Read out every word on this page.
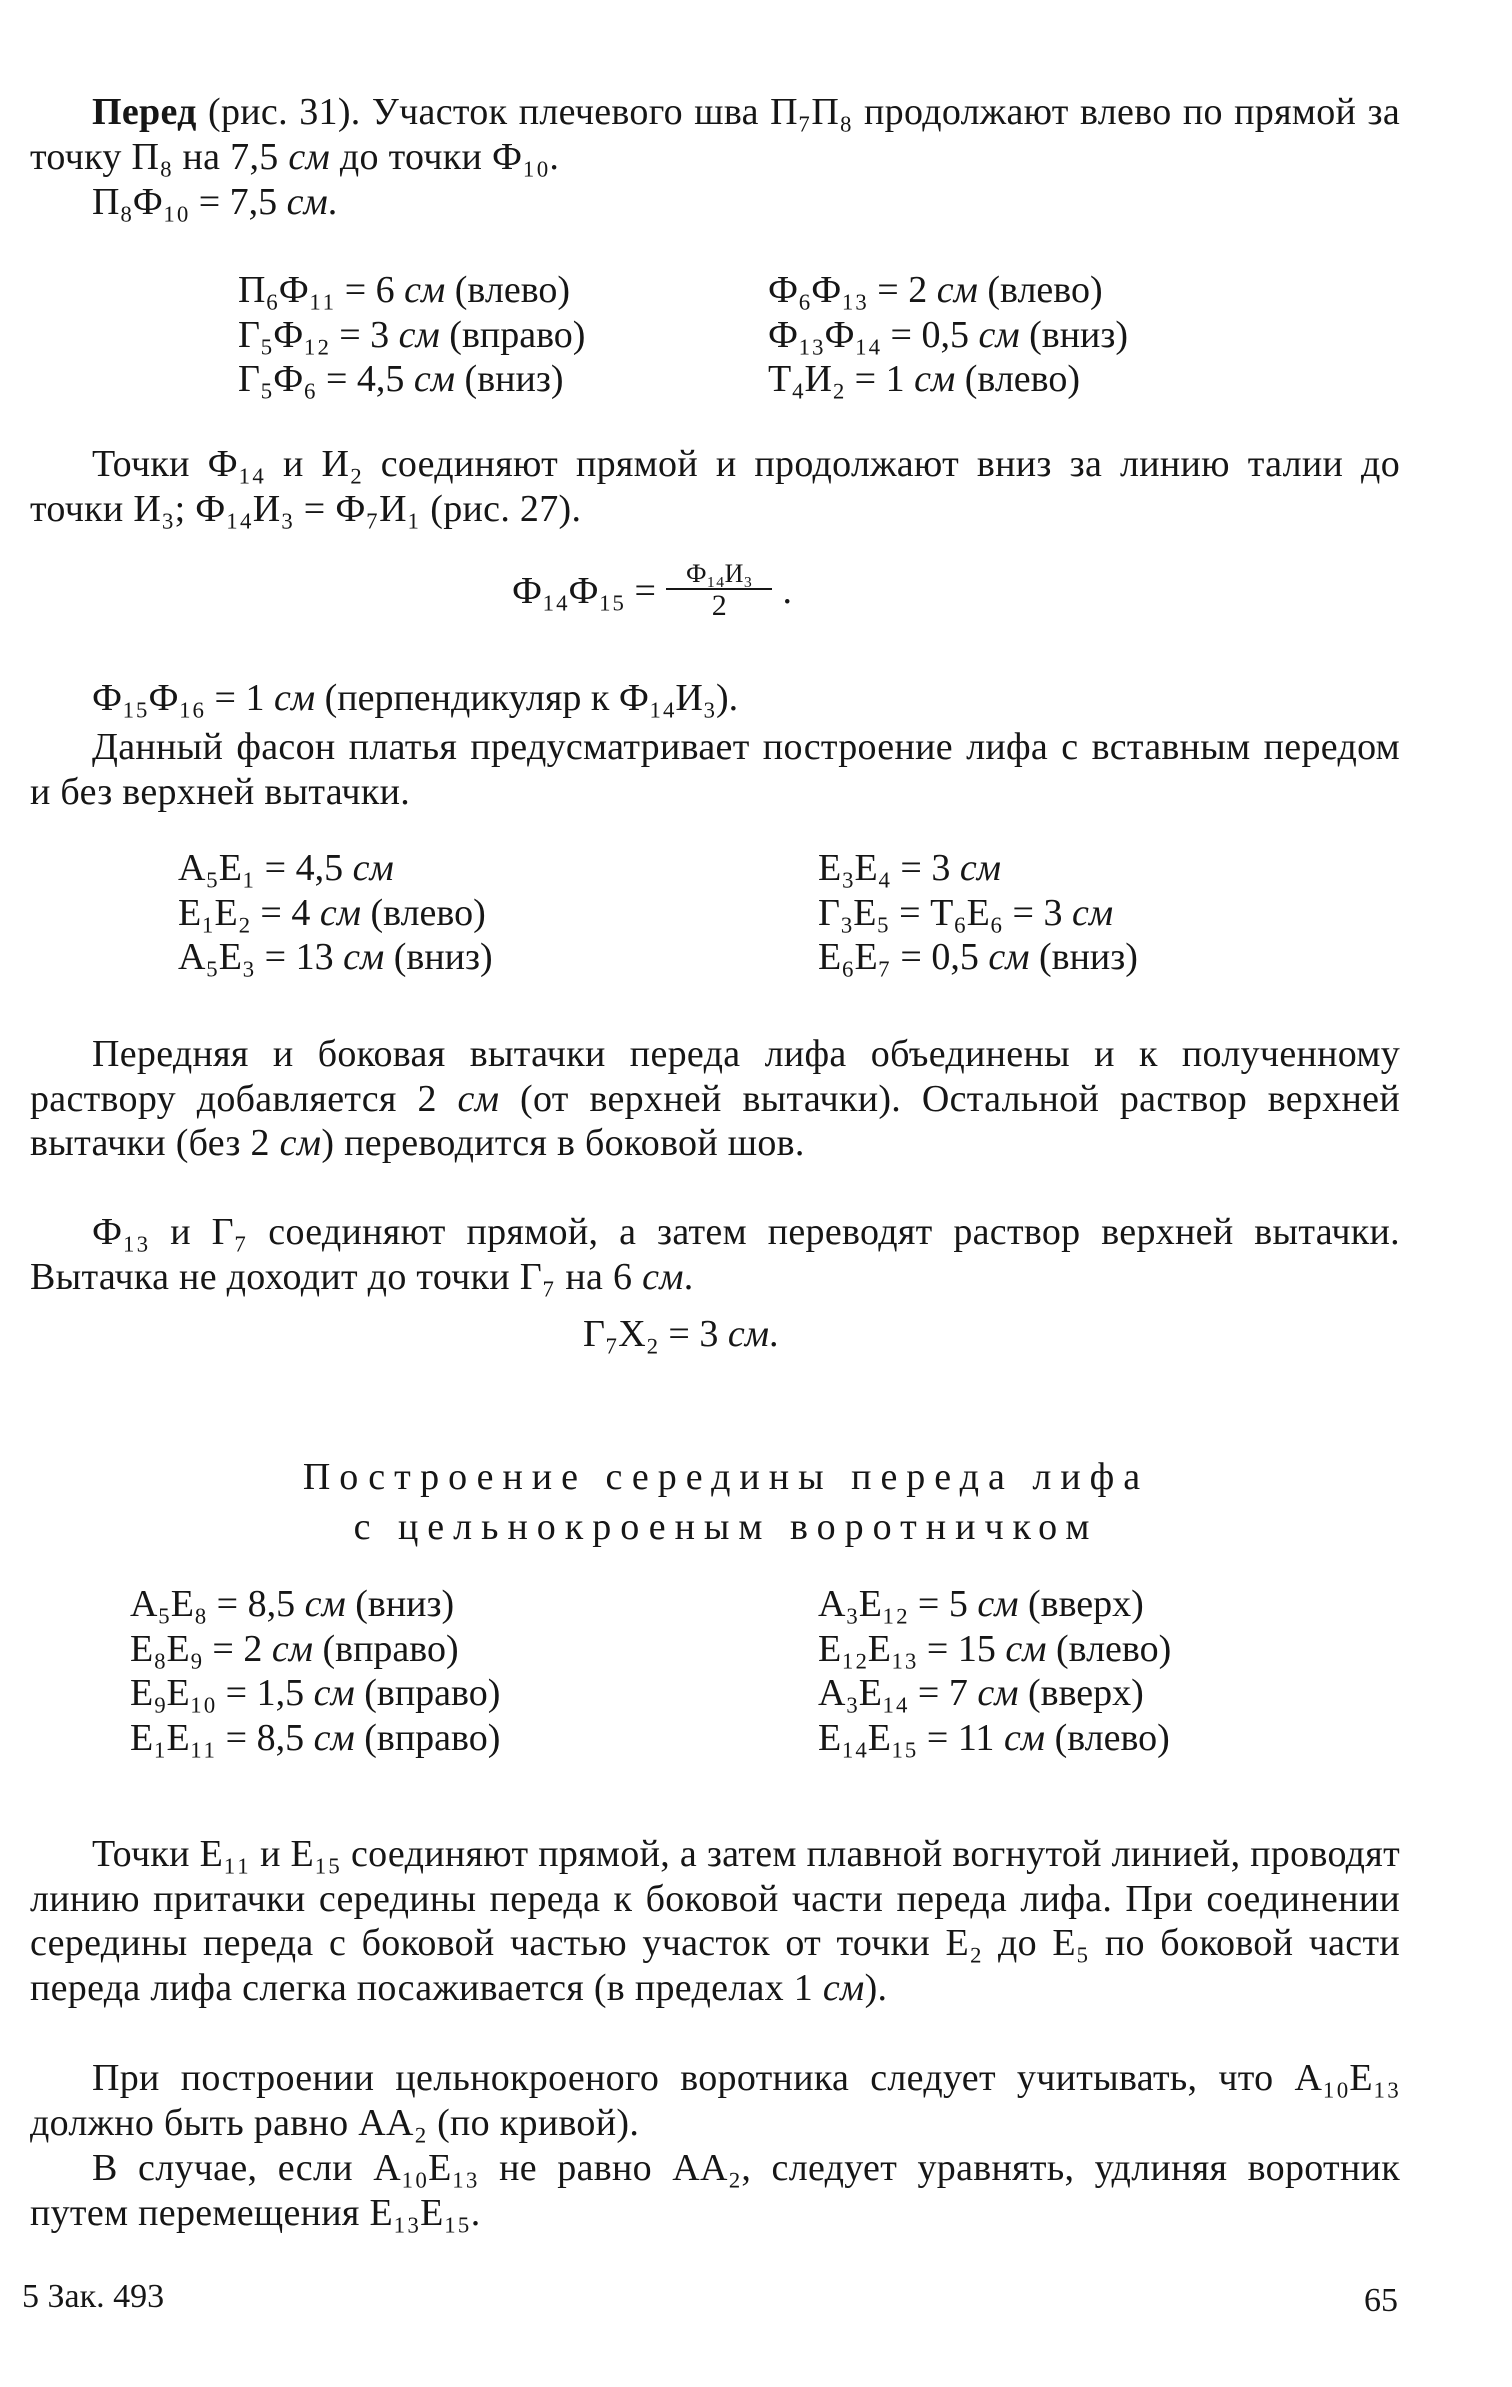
Перед (рис. 31). Участок плечевого шва П₇П₈ продолжают влево по прямой за точку П₈ на 7,5 см до точки Ф₁₀.

П₈Ф₁₀ = 7,5 см.
П₆Ф₁₁ = 6 см (влево)
Г₅Ф₁₂ = 3 см (вправо)
Г₅Ф₆ = 4,5 см (вниз)
Ф₆Ф₁₃ = 2 см (влево)
Ф₁₃Ф₁₄ = 0,5 см (вниз)
Т₄И₂ = 1 см (влево)

Точки Ф₁₄ и И₂ соединяют прямой и продолжают вниз за линию талии до точки И₃; Ф₁₄И₃ = Ф₇И₁ (рис. 27).

$Ф_{14}Ф_{15} = \frac{\text{Ф₁₄И₃}}{2}$ .
Ф₁₅Ф₁₆ = 1 см (перпендикуляр к Ф₁₄И₃).

Данный фасон платья предусматривает построение лифа с вставным передом и без верхней вытачки.

А₅Е₁ = 4,5 см
Е₁Е₂ = 4 см (влево)
А₅Е₃ = 13 см (вниз)
Е₃Е₄ = 3 см
Г₃Е₅ = Т₆Е₆ = 3 см
Е₆Е₇ = 0,5 см (вниз)

Передняя и боковая вытачки переда лифа объединены и к полученному раствору добавляется 2 см (от верхней вытачки). Остальной раствор верхней вытачки (без 2 см) переводится в боковой шов.

Ф₁₃ и Г₇ соединяют прямой, а затем переводят раствор верхней вытачки. Вытачка не доходит до точки Г₇ на 6 см.

Г₇Х₂ = 3 см.
Построение середины переда лифа
с цельнокроеным воротничком
А₅Е₈ = 8,5 см (вниз)
Е₈Е₉ = 2 см (вправо)
Е₉Е₁₀ = 1,5 см (вправо)
Е₁Е₁₁ = 8,5 см (вправо)
А₃Е₁₂ = 5 см (вверх)
Е₁₂Е₁₃ = 15 см (влево)
А₃Е₁₄ = 7 см (вверх)
Е₁₄Е₁₅ = 11 см (влево)

Точки Е₁₁ и Е₁₅ соединяют прямой, а затем плавной вогнутой линией, проводят линию притачки середины переда к боковой части переда лифа. При соединении середины переда с боковой частью участок от точки Е₂ до Е₅ по боковой части переда лифа слегка посаживается (в пределах 1 см).

При построении цельнокроеного воротника следует учитывать, что А₁₀Е₁₃ должно быть равно АА₂ (по кривой).

В случае, если А₁₀Е₁₃ не равно АА₂, следует уравнять, удлиняя воротник путем перемещения Е₁₃Е₁₅.

5 Зак. 493	65
